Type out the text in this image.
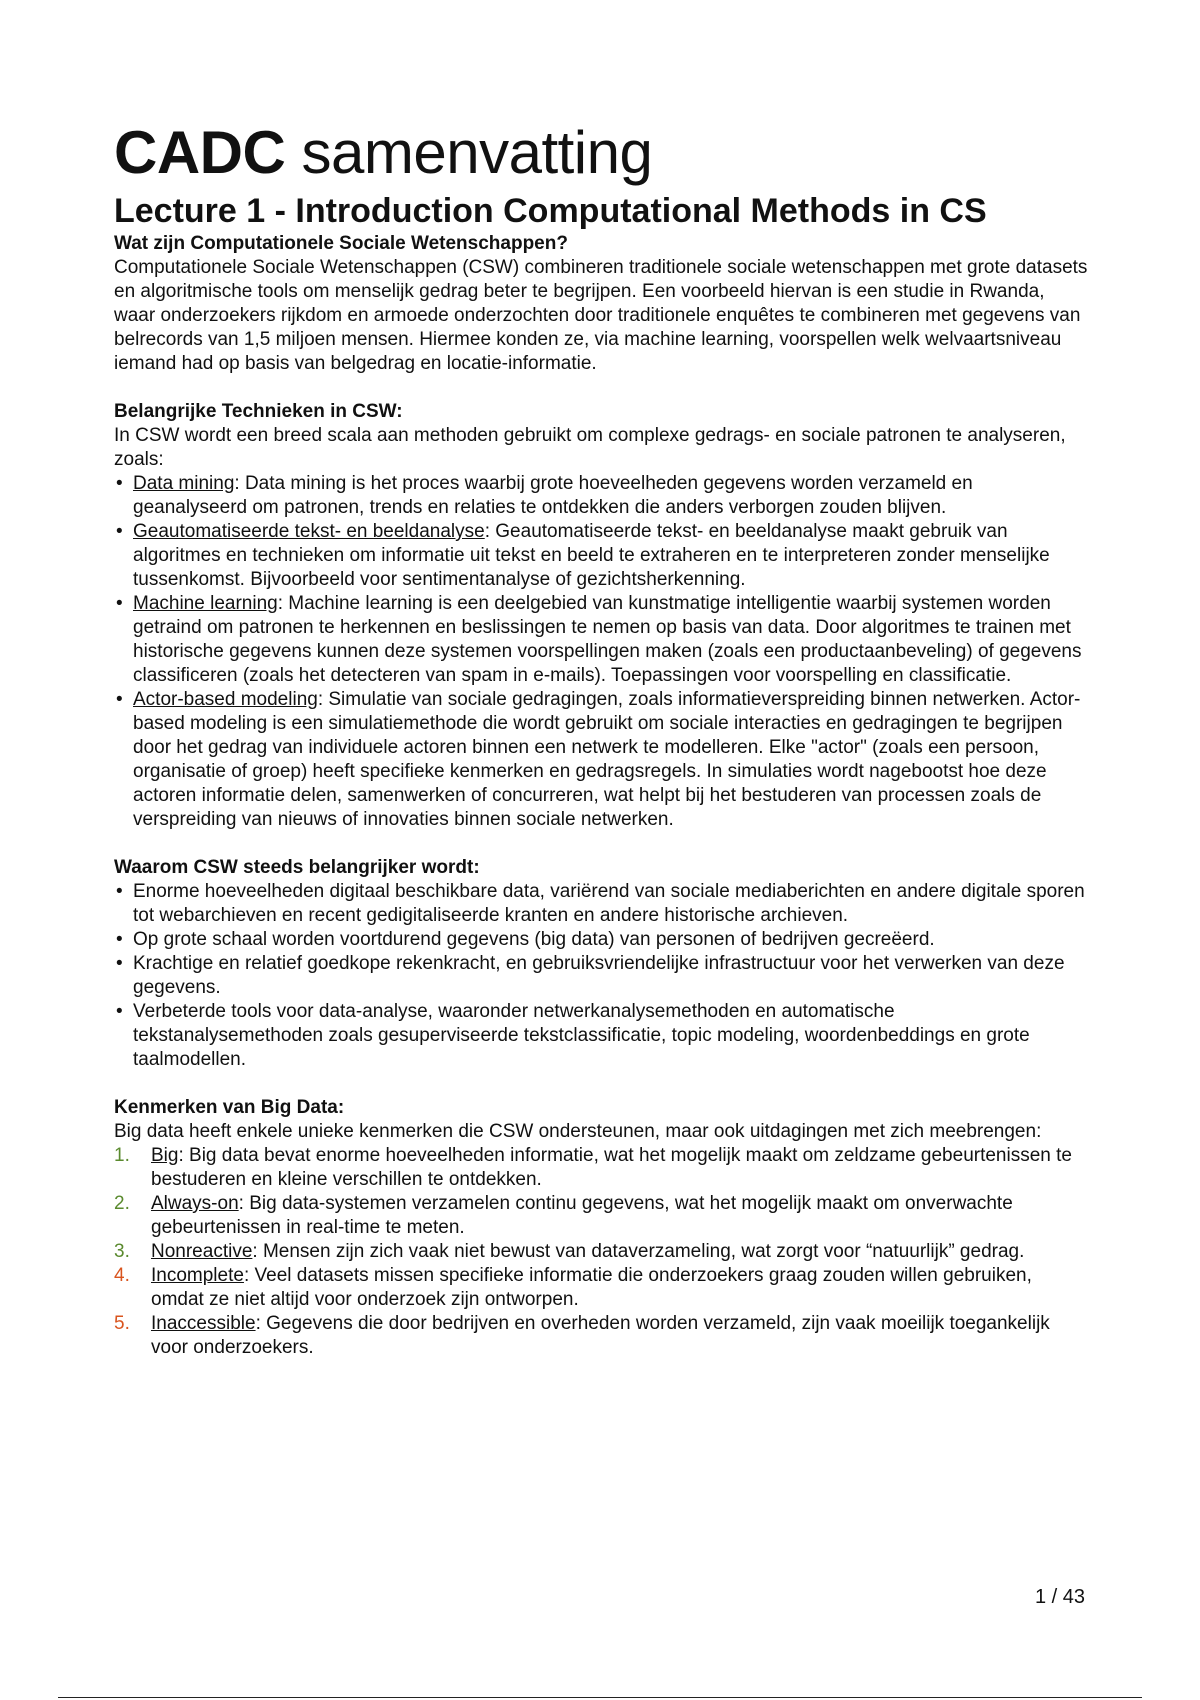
CADC samenvatting
Lecture 1 - Introduction Computational Methods in CS
Wat zijn Computationele Sociale Wetenschappen?

Computationele Sociale Wetenschappen (CSW) combineren traditionele sociale wetenschappen met grote datasets en algoritmische tools om menselijk gedrag beter te begrijpen. Een voorbeeld hiervan is een studie in Rwanda, waar onderzoekers rijkdom en armoede onderzochten door traditionele enquêtes te combineren met gegevens van belrecords van 1,5 miljoen mensen. Hiermee konden ze, via machine learning, voorspellen welk welvaartsniveau iemand had op basis van belgedrag en locatie-informatie.

Belangrijke Technieken in CSW:

In CSW wordt een breed scala aan methoden gebruikt om complexe gedrags- en sociale patronen te analyseren, zoals:

• Data mining: Data mining is het proces waarbij grote hoeveelheden gegevens worden verzameld en geanalyseerd om patronen, trends en relaties te ontdekken die anders verborgen zouden blijven.
• Geautomatiseerde tekst- en beeldanalyse: Geautomatiseerde tekst- en beeldanalyse maakt gebruik van algoritmes en technieken om informatie uit tekst en beeld te extraheren en te interpreteren zonder menselijke tussenkomst. Bijvoorbeeld voor sentimentanalyse of gezichtsherkenning.
• Machine learning: Machine learning is een deelgebied van kunstmatige intelligentie waarbij systemen worden getraind om patronen te herkennen en beslissingen te nemen op basis van data. Door algoritmes te trainen met historische gegevens kunnen deze systemen voorspellingen maken (zoals een productaanbeveling) of gegevens classificeren (zoals het detecteren van spam in e-mails). Toepassingen voor voorspelling en classificatie.
• Actor-based modeling: Simulatie van sociale gedragingen, zoals informatieverspreiding binnen netwerken. Actor-based modeling is een simulatiemethode die wordt gebruikt om sociale interacties en gedragingen te begrijpen door het gedrag van individuele actoren binnen een netwerk te modelleren. Elke "actor" (zoals een persoon, organisatie of groep) heeft specifieke kenmerken en gedragsregels. In simulaties wordt nagebootst hoe deze actoren informatie delen, samenwerken of concurreren, wat helpt bij het bestuderen van processen zoals de verspreiding van nieuws of innovaties binnen sociale netwerken.
Waarom CSW steeds belangrijker wordt:
• Enorme hoeveelheden digitaal beschikbare data, variërend van sociale mediaberichten en andere digitale sporen tot webarchieven en recent gedigitaliseerde kranten en andere historische archieven.
• Op grote schaal worden voortdurend gegevens (big data) van personen of bedrijven gecreëerd.
• Krachtige en relatief goedkope rekenkracht, en gebruiksvriendelijke infrastructuur voor het verwerken van deze gegevens.
• Verbeterde tools voor data-analyse, waaronder netwerkanalysemethoden en automatische tekstanalysemethoden zoals gesuperviseerde tekstclassificatie, topic modeling, woordenbeddings en grote taalmodellen.
Kenmerken van Big Data:

Big data heeft enkele unieke kenmerken die CSW ondersteunen, maar ook uitdagingen met zich meebrengen:

1. Big: Big data bevat enorme hoeveelheden informatie, wat het mogelijk maakt om zeldzame gebeurtenissen te bestuderen en kleine verschillen te ontdekken.
2. Always-on: Big data-systemen verzamelen continu gegevens, wat het mogelijk maakt om onverwachte gebeurtenissen in real-time te meten.
3. Nonreactive: Mensen zijn zich vaak niet bewust van dataverzameling, wat zorgt voor “natuurlijk” gedrag.
4. Incomplete: Veel datasets missen specifieke informatie die onderzoekers graag zouden willen gebruiken, omdat ze niet altijd voor onderzoek zijn ontworpen.
5. Inaccessible: Gegevens die door bedrijven en overheden worden verzameld, zijn vaak moeilijk toegankelijk voor onderzoekers.
1 / 43
